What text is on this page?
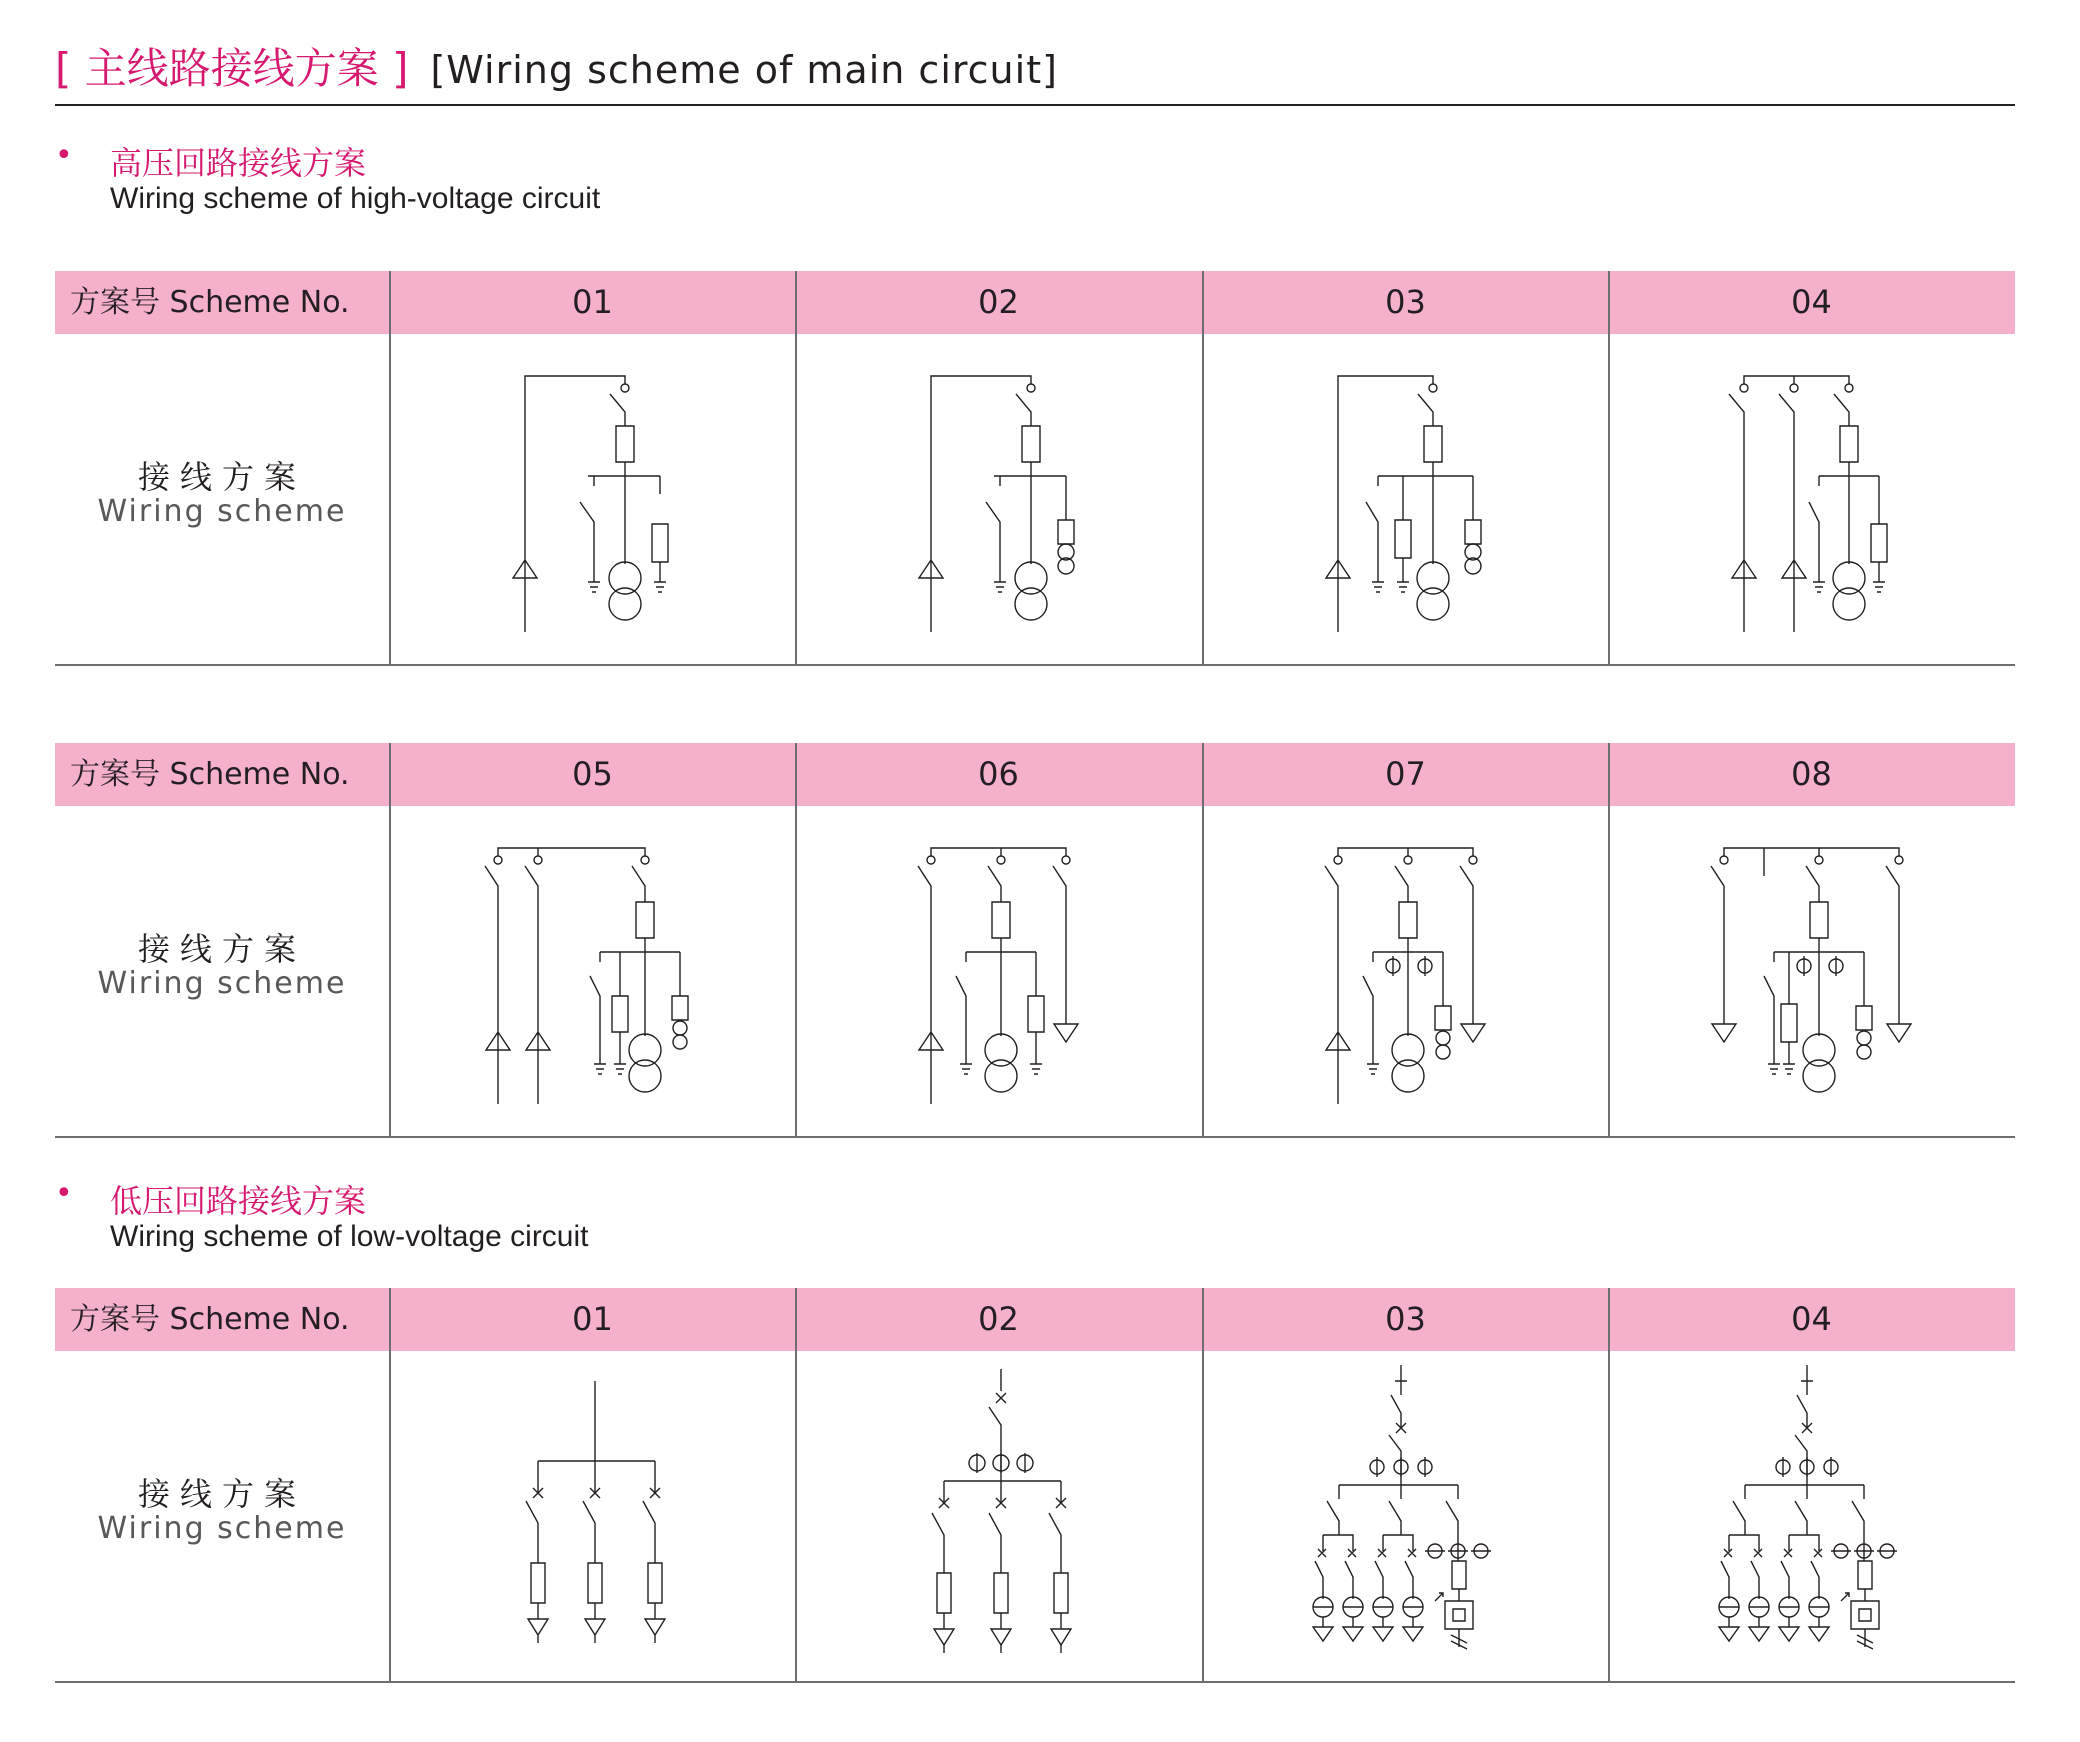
[ 主线路接线方案 ] [Wiring scheme of main circuit]
• 高压回路接线方案
Wiring scheme of high-voltage circuit
• 低压回路接线方案
Wiring scheme of low-voltage circuit
方案号 Scheme No.	01	02	03	04
接线方案
Wiring scheme
方案号 Scheme No.	05	06	07	08
接线方案
Wiring scheme
方案号 Scheme No.	01	02	03	04
接线方案
Wiring scheme
